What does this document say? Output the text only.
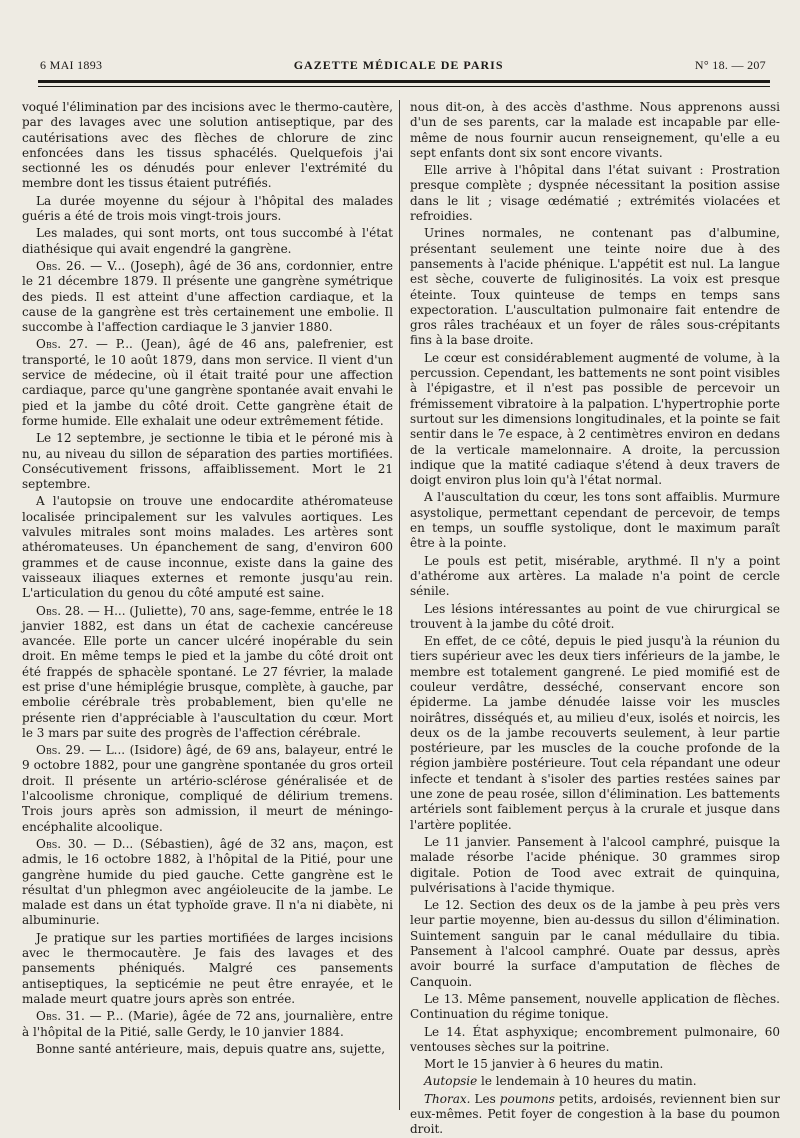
6 MAI 1893	GAZETTE MÉDICALE DE PARIS	N° 18. — 207

voqué l'élimination par des incisions avec le thermo-cautère, par des lavages avec une solution antiseptique, par des cautérisations avec des flèches de chlorure de zinc enfoncées dans les tissus sphacélés. Quelquefois j'ai sectionné les os dénudés pour enlever l'extrémité du membre dont les tissus étaient putréfiés.

La durée moyenne du séjour à l'hôpital des malades guéris a été de trois mois vingt-trois jours.

Les malades, qui sont morts, ont tous succombé à l'état diathésique qui avait engendré la gangrène.

Obs. 26. — V... (Joseph), âgé de 36 ans, cordonnier, entre le 21 décembre 1879. Il présente une gangrène symétrique des pieds. Il est atteint d'une affection cardiaque, et la cause de la gangrène est très certainement une embolie. Il succombe à l'affection cardiaque le 3 janvier 1880.

Obs. 27. — P... (Jean), âgé de 46 ans, palefrenier, est transporté, le 10 août 1879, dans mon service. Il vient d'un service de médecine, où il était traité pour une affection cardiaque, parce qu'une gangrène spontanée avait envahi le pied et la jambe du côté droit. Cette gangrène était de forme humide. Elle exhalait une odeur extrêmement fétide.

Le 12 septembre, je sectionne le tibia et le péroné mis à nu, au niveau du sillon de séparation des parties mortifiées. Consécutivement frissons, affaiblissement. Mort le 21 septembre.

A l'autopsie on trouve une endocardite athéromateuse localisée principalement sur les valvules aortiques. Les valvules mitrales sont moins malades. Les artères sont athéromateuses. Un épanchement de sang, d'environ 600 grammes et de cause inconnue, existe dans la gaine des vaisseaux iliaques externes et remonte jusqu'au rein. L'articulation du genou du côté amputé est saine.

Obs. 28. — H... (Juliette), 70 ans, sage-femme, entrée le 18 janvier 1882, est dans un état de cachexie cancéreuse avancée. Elle porte un cancer ulcéré inopérable du sein droit. En même temps le pied et la jambe du côté droit ont été frappés de sphacèle spontané. Le 27 février, la malade est prise d'une hémiplégie brusque, complète, à gauche, par embolie cérébrale très probablement, bien qu'elle ne présente rien d'appréciable à l'auscultation du cœur. Mort le 3 mars par suite des progrès de l'affection cérébrale.

Obs. 29. — L... (Isidore) âgé, de 69 ans, balayeur, entré le 9 octobre 1882, pour une gangrène spontanée du gros orteil droit. Il présente un artério-sclérose généralisée et de l'alcoolisme chronique, compliqué de délirium tremens. Trois jours après son admission, il meurt de méningo-encéphalite alcoolique.

Obs. 30. — D... (Sébastien), âgé de 32 ans, maçon, est admis, le 16 octobre 1882, à l'hôpital de la Pitié, pour une gangrène humide du pied gauche. Cette gangrène est le résultat d'un phlegmon avec angéioleucite de la jambe. Le malade est dans un état typhoïde grave. Il n'a ni diabète, ni albuminurie.

Je pratique sur les parties mortifiées de larges incisions avec le thermocautère. Je fais des lavages et des pansements phéniqués. Malgré ces pansements antiseptiques, la septicémie ne peut être enrayée, et le malade meurt quatre jours après son entrée.

Obs. 31. — P... (Marie), âgée de 72 ans, journalière, entre à l'hôpital de la Pitié, salle Gerdy, le 10 janvier 1884.

Bonne santé antérieure, mais, depuis quatre ans, sujette,

nous dit-on, à des accès d'asthme. Nous apprenons aussi d'un de ses parents, car la malade est incapable par elle-même de nous fournir aucun renseignement, qu'elle a eu sept enfants dont six sont encore vivants.

Elle arrive à l'hôpital dans l'état suivant : Prostration presque complète ; dyspnée nécessitant la position assise dans le lit ; visage œdématié ; extrémités violacées et refroidies.

Urines normales, ne contenant pas d'albumine, présentant seulement une teinte noire due à des pansements à l'acide phénique. L'appétit est nul. La langue est sèche, couverte de fuliginosités. La voix est presque éteinte. Toux quinteuse de temps en temps sans expectoration. L'auscultation pulmonaire fait entendre de gros râles trachéaux et un foyer de râles sous-crépitants fins à la base droite.

Le cœur est considérablement augmenté de volume, à la percussion. Cependant, les battements ne sont point visibles à l'épigastre, et il n'est pas possible de percevoir un frémissement vibratoire à la palpation. L'hypertrophie porte surtout sur les dimensions longitudinales, et la pointe se fait sentir dans le 7e espace, à 2 centimètres environ en dedans de la verticale mamelonnaire. A droite, la percussion indique que la matité cadiaque s'étend à deux travers de doigt environ plus loin qu'à l'état normal.

A l'auscultation du cœur, les tons sont affaiblis. Murmure asystolique, permettant cependant de percevoir, de temps en temps, un souffle systolique, dont le maximum paraît être à la pointe.

Le pouls est petit, misérable, arythmé. Il n'y a point d'athérome aux artères. La malade n'a point de cercle sénile.

Les lésions intéressantes au point de vue chirurgical se trouvent à la jambe du côté droit.

En effet, de ce côté, depuis le pied jusqu'à la réunion du tiers supérieur avec les deux tiers inférieurs de la jambe, le membre est totalement gangrené. Le pied momifié est de couleur verdâtre, desséché, conservant encore son épiderme. La jambe dénudée laisse voir les muscles noirâtres, disséqués et, au milieu d'eux, isolés et noircis, les deux os de la jambe recouverts seulement, à leur partie postérieure, par les muscles de la couche profonde de la région jambière postérieure. Tout cela répandant une odeur infecte et tendant à s'isoler des parties restées saines par une zone de peau rosée, sillon d'élimination. Les battements artériels sont faiblement perçus à la crurale et jusque dans l'artère poplitée.

Le 11 janvier. Pansement à l'alcool camphré, puisque la malade résorbe l'acide phénique. 30 grammes sirop digitale. Potion de Tood avec extrait de quinquina, pulvérisations à l'acide thymique.

Le 12. Section des deux os de la jambe à peu près vers leur partie moyenne, bien au-dessus du sillon d'élimination. Suintement sanguin par le canal médullaire du tibia. Pansement à l'alcool camphré. Ouate par dessus, après avoir bourré la surface d'amputation de flèches de Canquoin.

Le 13. Même pansement, nouvelle application de flèches. Continuation du régime tonique.

Le 14. État asphyxique; encombrement pulmonaire, 60 ventouses sèches sur la poitrine.

Mort le 15 janvier à 6 heures du matin.

Autopsie le lendemain à 10 heures du matin.

Thorax. Les poumons petits, ardoisés, reviennent bien sur eux-mêmes. Petit foyer de congestion à la base du poumon droit.
